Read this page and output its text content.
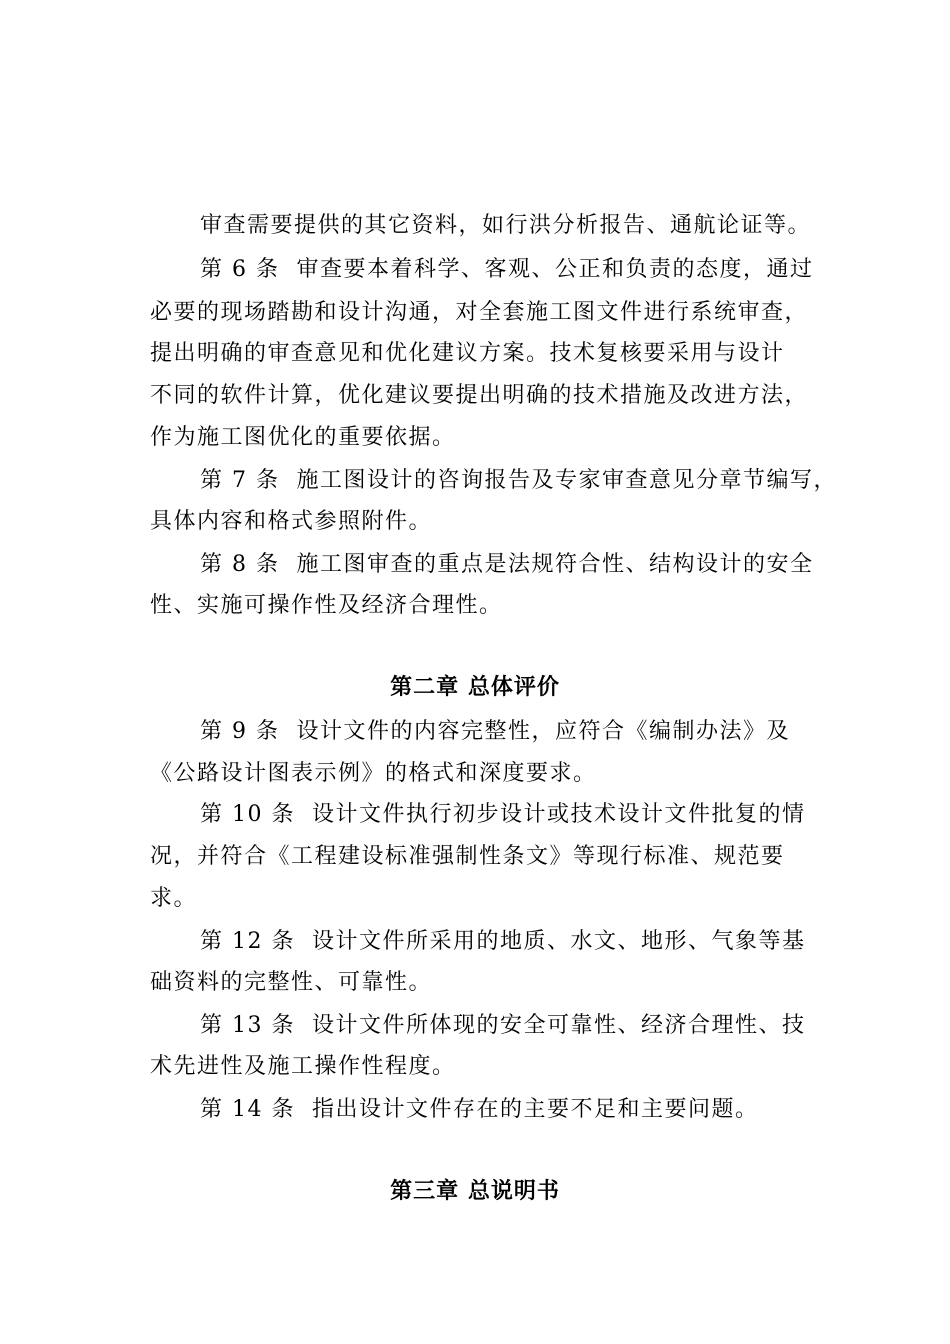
审查需要提供的其它资料，如行洪分析报告、通航论证等。
第 6 条  审查要本着科学、客观、公正和负责的态度，通过
必要的现场踏勘和设计沟通，对全套施工图文件进行系统审查，
提出明确的审查意见和优化建议方案。技术复核要采用与设计
不同的软件计算，优化建议要提出明确的技术措施及改进方法，
作为施工图优化的重要依据。
第 7 条  施工图设计的咨询报告及专家审查意见分章节编写，
具体内容和格式参照附件。
第 8 条  施工图审查的重点是法规符合性、结构设计的安全
性、实施可操作性及经济合理性。
第二章 总体评价
第 9 条  设计文件的内容完整性，应符合《编制办法》及
《公路设计图表示例》的格式和深度要求。
第 10 条  设计文件执行初步设计或技术设计文件批复的情
况，并符合《工程建设标准强制性条文》等现行标准、规范要
求。
第 12 条  设计文件所采用的地质、水文、地形、气象等基
础资料的完整性、可靠性。
第 13 条  设计文件所体现的安全可靠性、经济合理性、技
术先进性及施工操作性程度。
第 14 条  指出设计文件存在的主要不足和主要问题。
第三章 总说明书
